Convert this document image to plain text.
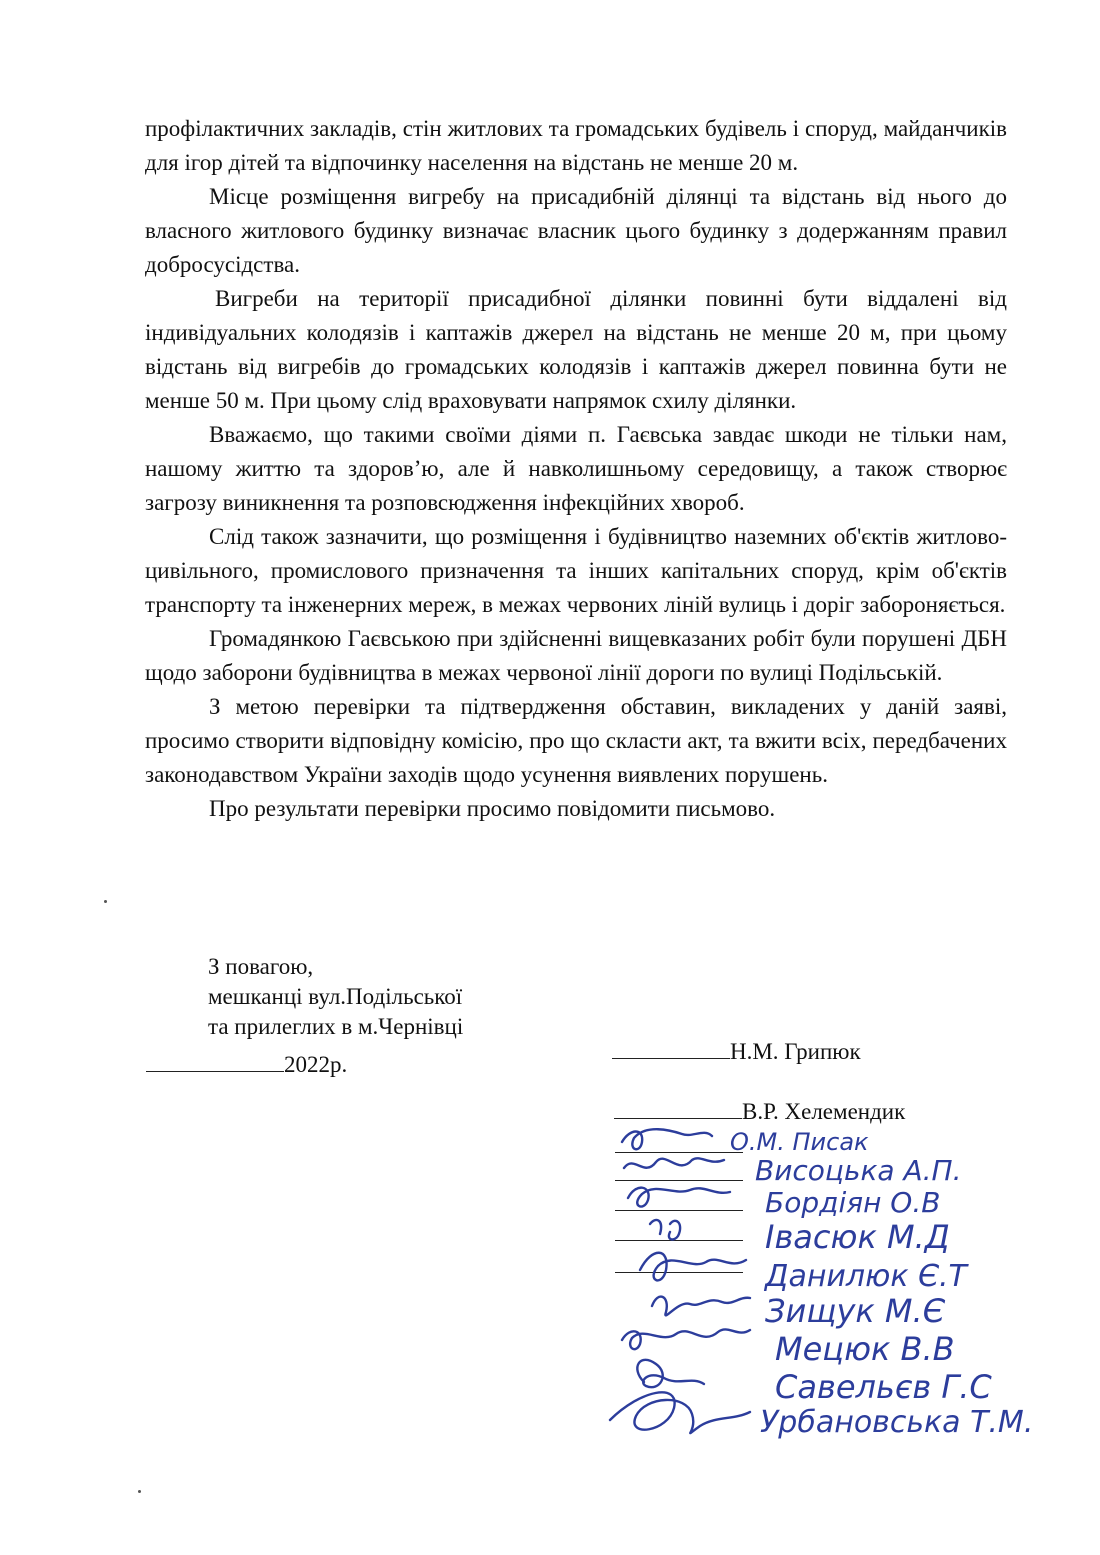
профілактичних закладів, стін житлових та громадських будівель і споруд, майданчиків для ігор дітей та відпочинку населення на відстань не менше 20 м.

Місце розміщення вигребу на присадибній ділянці та відстань від нього до власного житлового будинку визначає власник цього будинку з додержанням правил добросусідства.

Вигреби на території присадибної ділянки повинні бути віддалені від індивідуальних колодязів і каптажів джерел на відстань не менше 20 м, при цьому відстань від вигребів до громадських колодязів і каптажів джерел повинна бути не менше 50 м. При цьому слід враховувати напрямок схилу ділянки.

Вважаємо, що такими своїми діями п. Гаєвська завдає шкоди не тільки нам, нашому життю та здоров’ю, але й навколишньому середовищу, а також створює загрозу виникнення та розповсюдження інфекційних хвороб.

Слід також зазначити, що розміщення і будівництво наземних об'єктів житлово-цивільного, промислового призначення та інших капітальних споруд, крім об'єктів транспорту та інженерних мереж, в межах червоних ліній вулиць і доріг забороняється.

Громадянкою Гаєвською при здійсненні вищевказаних робіт були порушені ДБН щодо заборони будівництва в межах червоної лінії дороги по вулиці Подільській.

З метою перевірки та підтвердження обставин, викладених у даній заяві, просимо створити відповідну комісію, про що скласти акт, та вжити всіх, передбачених законодавством України заходів щодо усунення виявлених порушень.

Про результати перевірки просимо повідомити письмово.

З повагою,
мешканці вул.Подільської
та прилеглих в м.Чернівці
Н.М. Грипюк
В.Р. Хелемендик
2022р.
О.М. Писак
Висоцька А.П.
Бордіян О.В
Івасюк М.Д
Данилюк Є.Т
Зищук М.Є
Мецюк В.В
Савельєв Г.С
Урбановська Т.М.
